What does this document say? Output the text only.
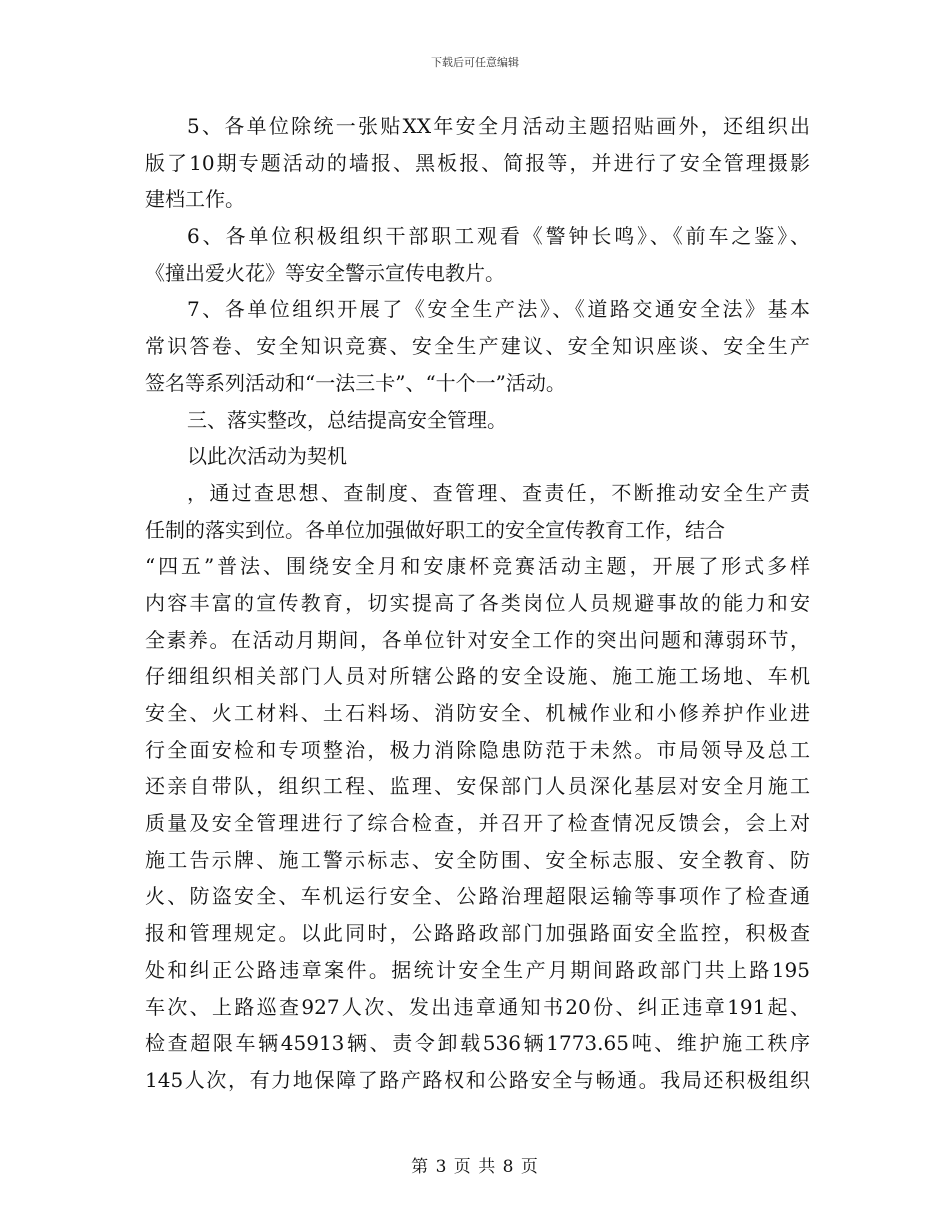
下载后可任意编辑
5、各单位除统一张贴XX年安全月活动主题招贴画外，还组织出
版了10期专题活动的墙报、黑板报、简报等，并进行了安全管理摄影
建档工作。
6、各单位积极组织干部职工观看《警钟长鸣》、《前车之鉴》、
《撞出爱火花》等安全警示宣传电教片。
7、各单位组织开展了《安全生产法》、《道路交通安全法》基本
常识答卷、安全知识竞赛、安全生产建议、安全知识座谈、安全生产
签名等系列活动和“一法三卡”、“十个一”活动。
三、落实整改，总结提高安全管理。
以此次活动为契机
，通过查思想、查制度、查管理、查责任，不断推动安全生产责
任制的落实到位。各单位加强做好职工的安全宣传教育工作，结合
“四五”普法、围绕安全月和安康杯竞赛活动主题，开展了形式多样
内容丰富的宣传教育，切实提高了各类岗位人员规避事故的能力和安
全素养。在活动月期间，各单位针对安全工作的突出问题和薄弱环节，
仔细组织相关部门人员对所辖公路的安全设施、施工施工场地、车机
安全、火工材料、土石料场、消防安全、机械作业和小修养护作业进
行全面安检和专项整治，极力消除隐患防范于未然。市局领导及总工
还亲自带队，组织工程、监理、安保部门人员深化基层对安全月施工
质量及安全管理进行了综合检查，并召开了检查情况反馈会，会上对
施工告示牌、施工警示标志、安全防围、安全标志服、安全教育、防
火、防盗安全、车机运行安全、公路治理超限运输等事项作了检查通
报和管理规定。以此同时，公路路政部门加强路面安全监控，积极查
处和纠正公路违章案件。据统计安全生产月期间路政部门共上路195
车次、上路巡查927人次、发出违章通知书20份、纠正违章191起、
检查超限车辆45913辆、责令卸载536辆1773.65吨、维护施工秩序
145人次，有力地保障了路产路权和公路安全与畅通。我局还积极组织
第 3 页 共 8 页
